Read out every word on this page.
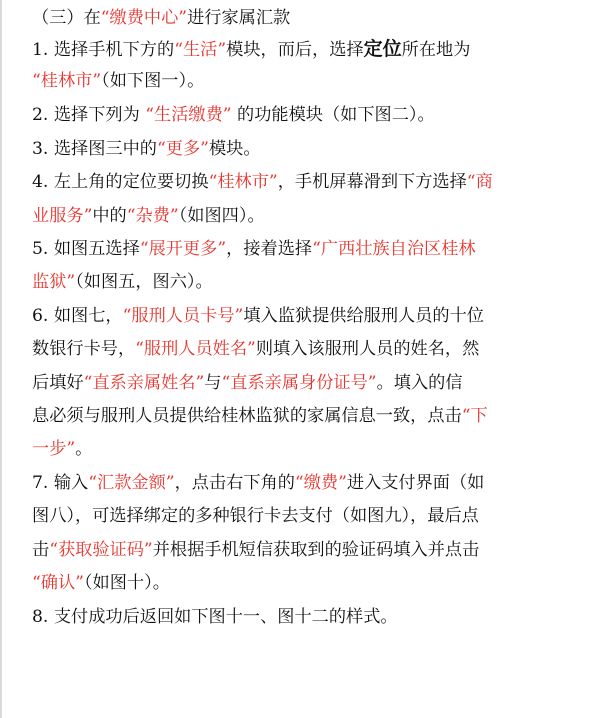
（三）在“缴费中心”进行家属汇款
1. 选择手机下方的“生活”模块，而后，选择定位所在地为
“桂林市”（如下图一）。
2. 选择下列为 “生活缴费” 的功能模块（如下图二）。
3. 选择图三中的“更多”模块。
4. 左上角的定位要切换“桂林市”，手机屏幕滑到下方选择“商
业服务”中的“杂费”（如图四）。
5. 如图五选择“展开更多”，接着选择“广西壮族自治区桂林
监狱”（如图五，图六）。
6. 如图七，“服刑人员卡号”填入监狱提供给服刑人员的十位
数银行卡号，“服刑人员姓名”则填入该服刑人员的姓名，然
后填好“直系亲属姓名”与“直系亲属身份证号”。填入的信
息必须与服刑人员提供给桂林监狱的家属信息一致，点击“下
一步”。
7. 输入“汇款金额”，点击右下角的“缴费”进入支付界面（如
图八），可选择绑定的多种银行卡去支付（如图九），最后点
击“获取验证码”并根据手机短信获取到的验证码填入并点击
“确认”（如图十）。
8. 支付成功后返回如下图十一、图十二的样式。
